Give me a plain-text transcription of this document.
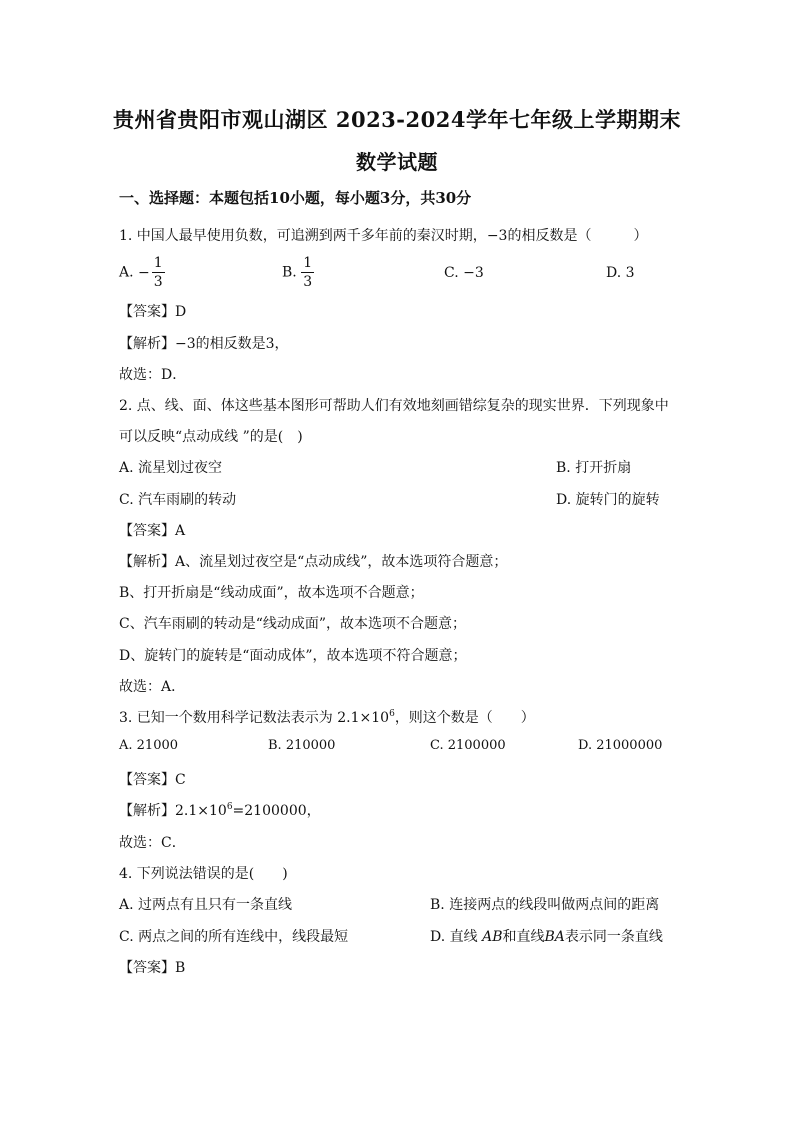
贵州省贵阳市观山湖区 2023-2024学年七年级上学期期末
数学试题
一、选择题：本题包括10小题，每小题3分，共30分
1. 中国人最早使用负数，可追溯到两千多年前的秦汉时期，−3的相反数是（　　　）
A. − $\frac{1}{3}$	B. $\frac{1}{3}$	C. −3	D. 3
【答案】D
【解析】−3的相反数是3，
故选：D．
2. 点、线、面、体这些基本图形可帮助人们有效地刻画错综复杂的现实世界．下列现象中
可以反映“点动成线 ”的是(　)
A. 流星划过夜空	B. 打开折扇
C. 汽车雨刷的转动	D. 旋转门的旋转
【答案】A
【解析】A、流星划过夜空是“点动成线”，故本选项符合题意；
B、打开折扇是“线动成面”，故本选项不合题意；
C、汽车雨刷的转动是“线动成面”，故本选项不合题意；
D、旋转门的旋转是“面动成体”，故本选项不符合题意；
故选：A．
3. 已知一个数用科学记数法表示为 $2.1\times 10^6$，则这个数是（　　）
A. 21000	B. 210000	C. 2100000	D. 21000000
【答案】C
【解析】$2.1\times 10^6=2100000$，
故选：C．
4. 下列说法错误的是(　　)
A. 过两点有且只有一条直线	B. 连接两点的线段叫做两点间的距离
C. 两点之间的所有连线中，线段最短	D. 直线 AB和直线BA表示同一条直线
【答案】B
